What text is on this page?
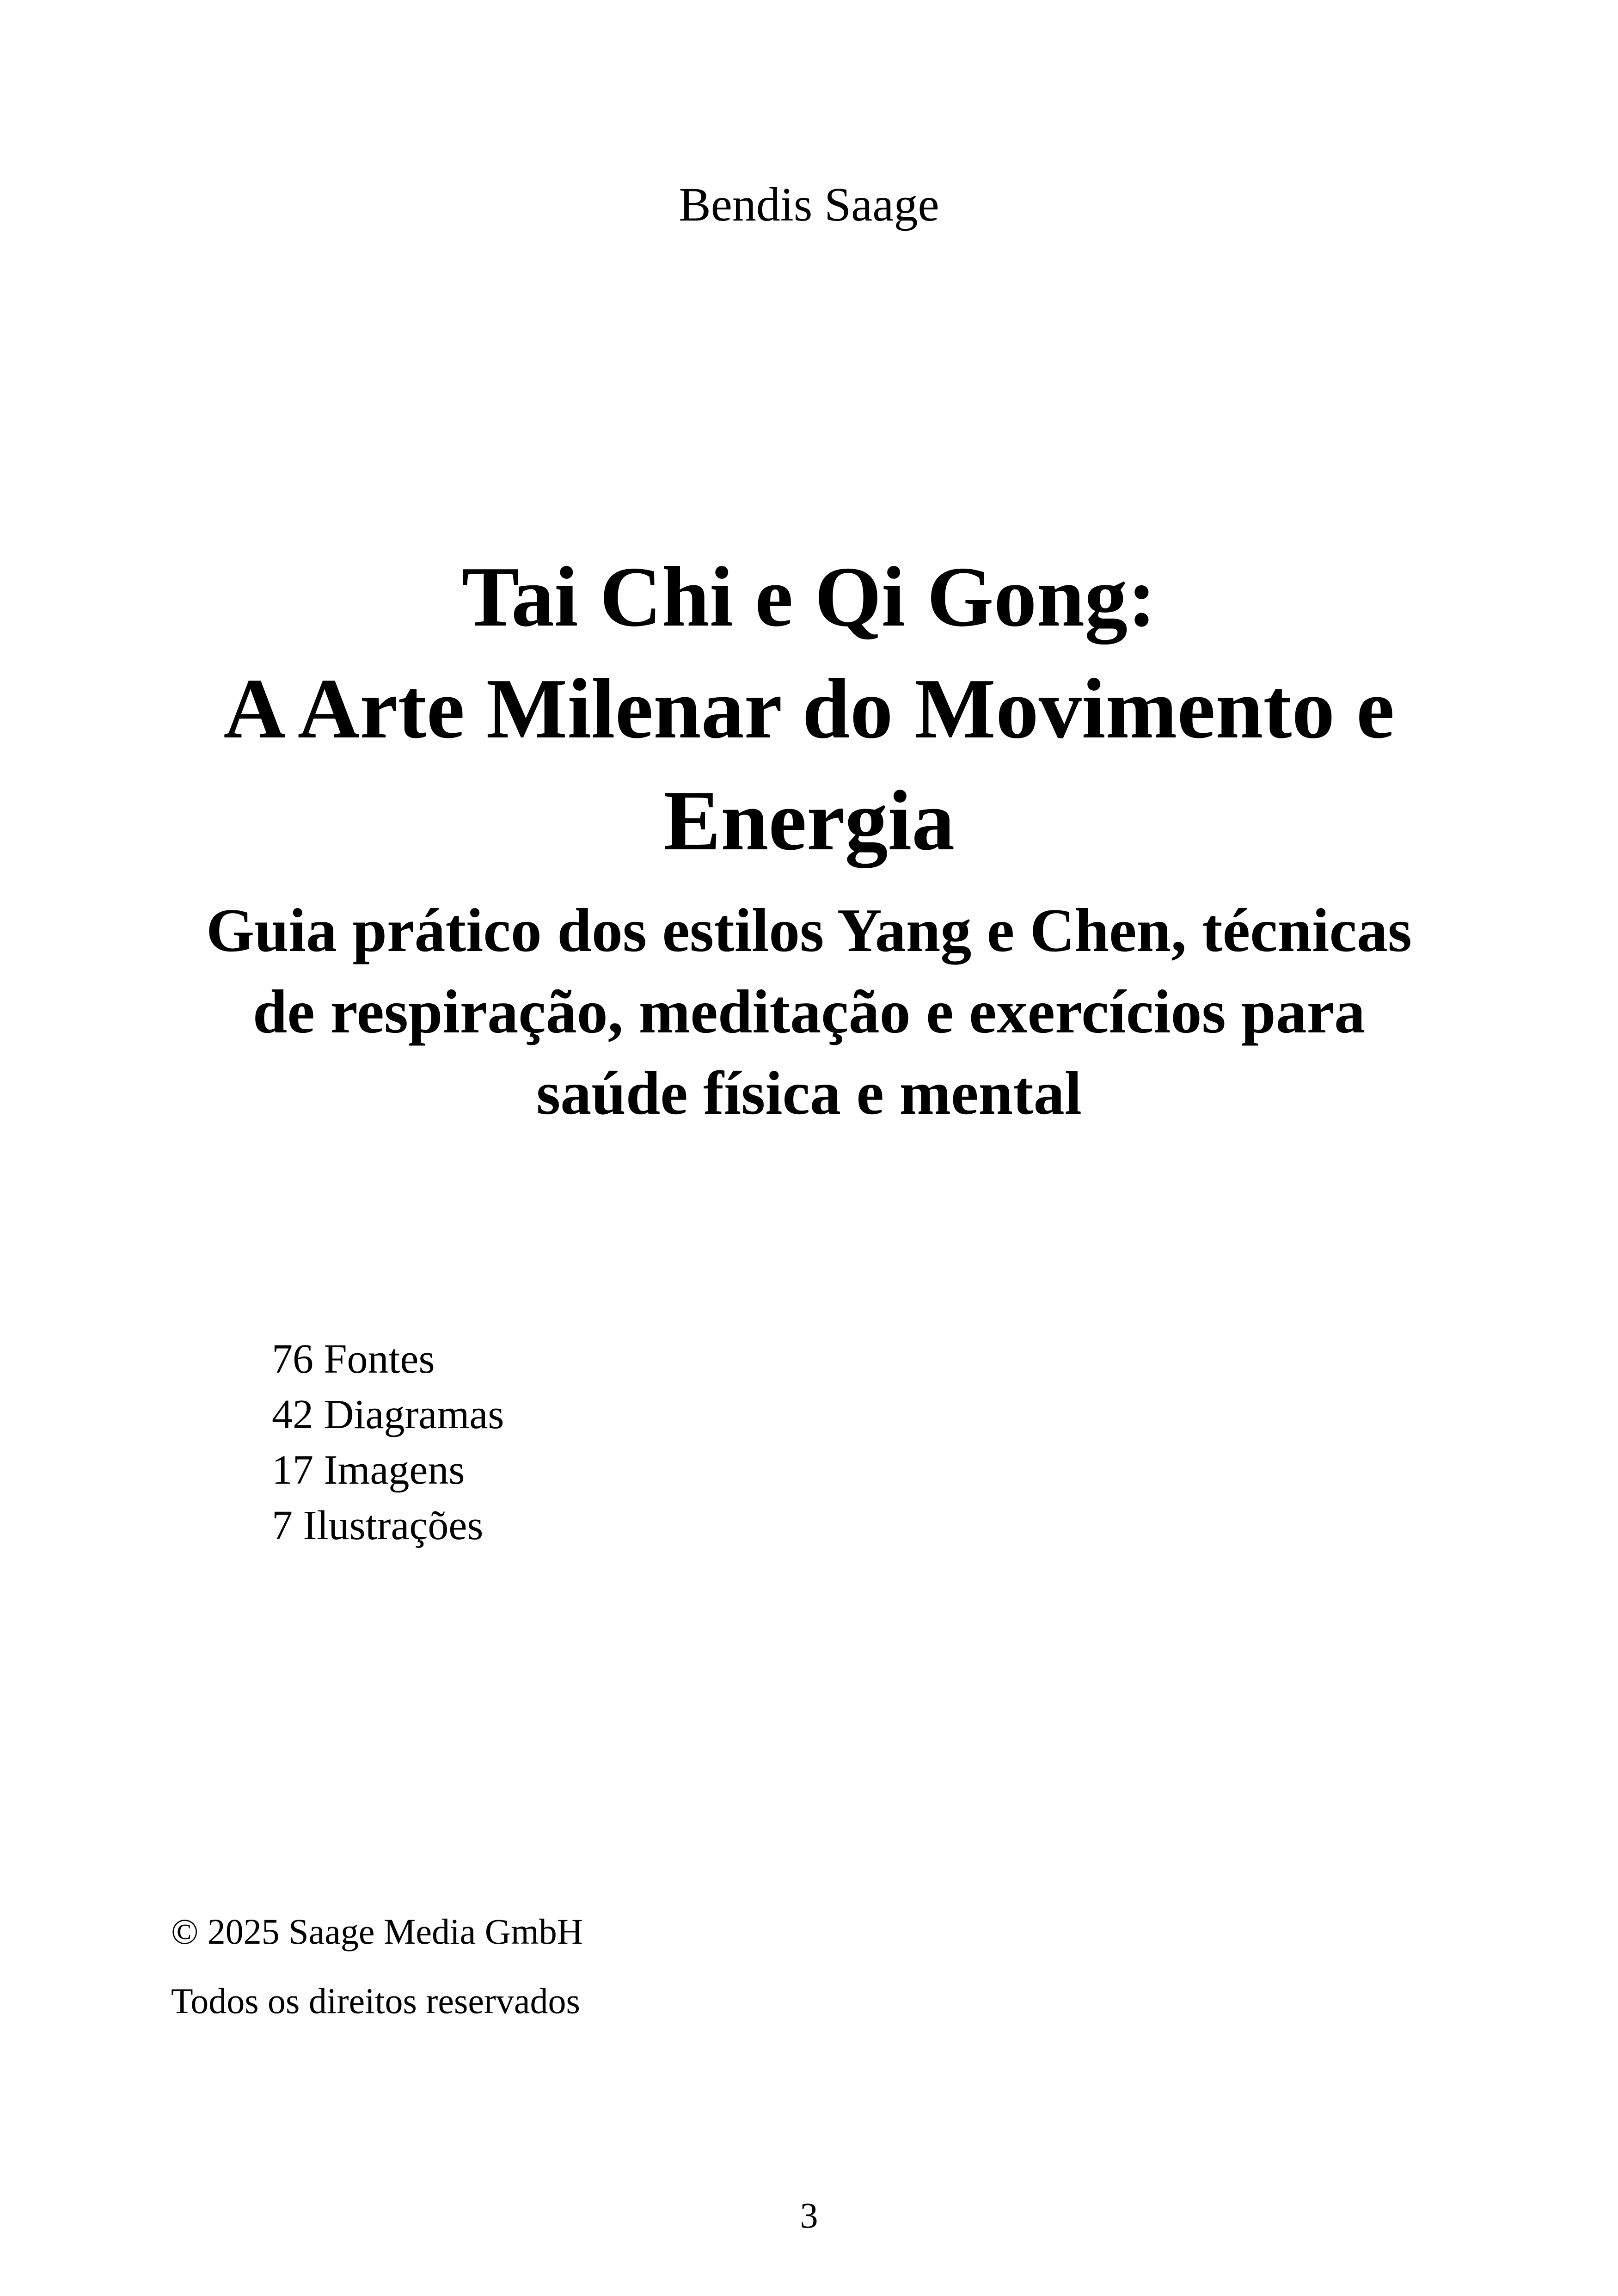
Bendis Saage
Tai Chi e Qi Gong:
A Arte Milenar do Movimento e
Energia
Guia prático dos estilos Yang e Chen, técnicas
de respiração, meditação e exercícios para
saúde física e mental
76 Fontes
42 Diagramas
17 Imagens
7 Ilustrações
© 2025 Saage Media GmbH
Todos os direitos reservados
3
